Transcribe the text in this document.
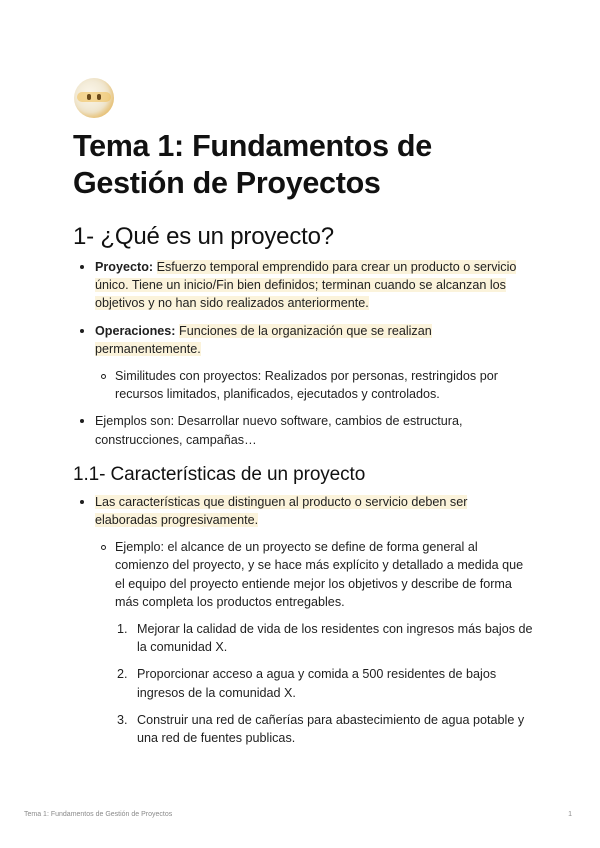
Tema 1: Fundamentos de Gestión de Proyectos
1- ¿Qué es un proyecto?
Proyecto: Esfuerzo temporal emprendido para crear un producto o servicio único. Tiene un inicio/Fin bien definidos; terminan cuando se alcanzan los objetivos y no han sido realizados anteriormente.
Operaciones: Funciones de la organización que se realizan permanentemente.
Similitudes con proyectos: Realizados por personas, restringidos por recursos limitados, planificados, ejecutados y controlados.
Ejemplos son: Desarrollar nuevo software, cambios de estructura, construcciones, campañas…
1.1- Características de un proyecto
Las características que distinguen al producto o servicio deben ser elaboradas progresivamente.
Ejemplo: el alcance de un proyecto se define de forma general al comienzo del proyecto, y se hace más explícito y detallado a medida que el equipo del proyecto entiende mejor los objetivos y describe de forma más completa los productos entregables.
1. Mejorar la calidad de vida de los residentes con ingresos más bajos de la comunidad X.
2. Proporcionar acceso a agua y comida a 500 residentes de bajos ingresos de la comunidad X.
3. Construir una red de cañerías para abastecimiento de agua potable y una red de fuentes publicas.
Tema 1: Fundamentos de Gestión de Proyectos	1
